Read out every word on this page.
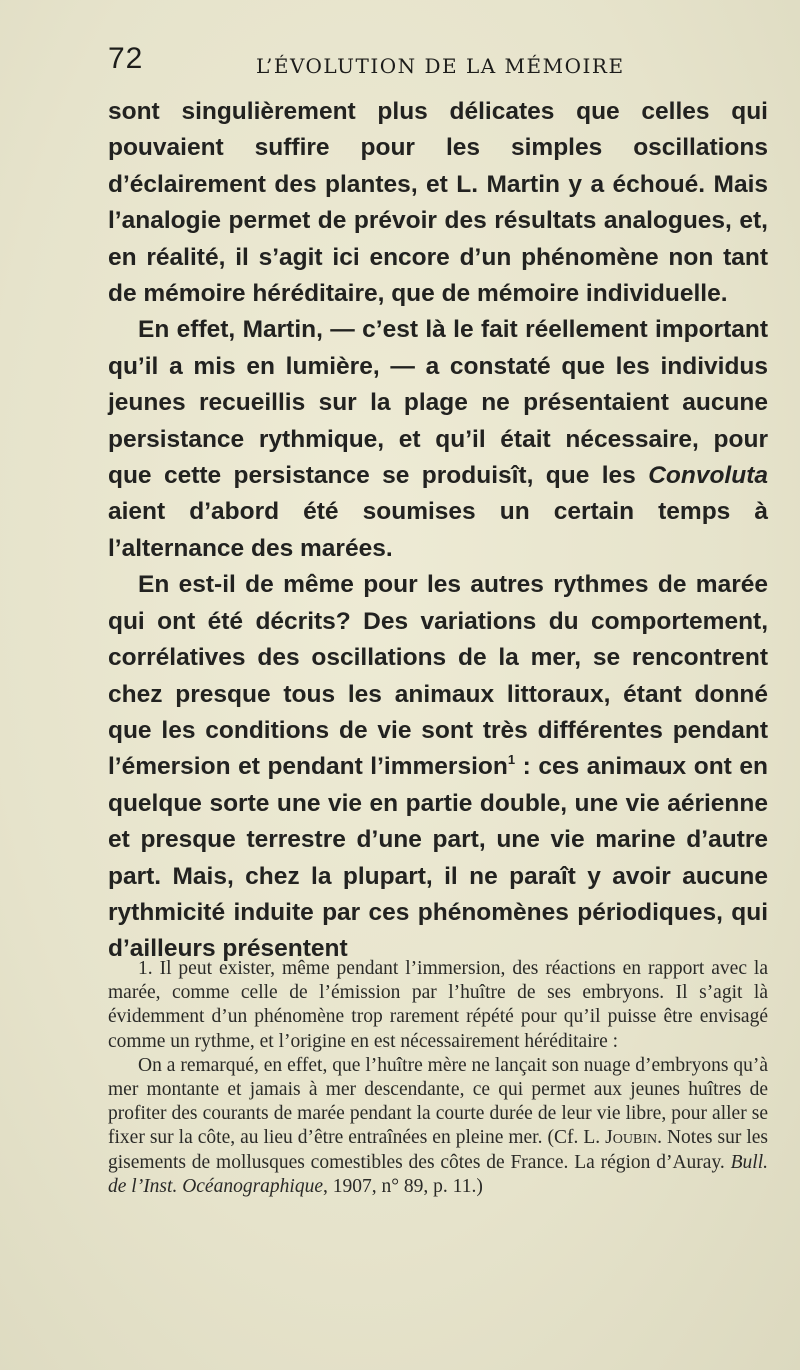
72	L’ÉVOLUTION DE LA MÉMOIRE

sont singulièrement plus délicates que celles qui pouvaient suffire pour les simples oscillations d’éclairement des plantes, et L. Martin y a échoué. Mais l’analogie permet de prévoir des résultats analogues, et, en réalité, il s’agit ici encore d’un phénomène non tant de mémoire héréditaire, que de mémoire individuelle.

En effet, Martin, — c’est là le fait réellement important qu’il a mis en lumière, — a constaté que les individus jeunes recueillis sur la plage ne présentaient aucune persistance rythmique, et qu’il était nécessaire, pour que cette persistance se produisît, que les Convoluta aient d’abord été soumises un certain temps à l’alternance des marées.

En est-il de même pour les autres rythmes de marée qui ont été décrits? Des variations du comportement, corrélatives des oscillations de la mer, se rencontrent chez presque tous les animaux littoraux, étant donné que les conditions de vie sont très différentes pendant l’émersion et pendant l’immersion$^1$ : ces animaux ont en quelque sorte une vie en partie double, une vie aérienne et presque terrestre d’une part, une vie marine d’autre part. Mais, chez la plupart, il ne paraît y avoir aucune rythmicité induite par ces phénomènes périodiques, qui d’ailleurs présentent

1. Il peut exister, même pendant l’immersion, des réactions en rapport avec la marée, comme celle de l’émission par l’huître de ses embryons. Il s’agit là évidemment d’un phénomène trop rarement répété pour qu’il puisse être envisagé comme un rythme, et l’origine en est nécessairement héréditaire :

On a remarqué, en effet, que l’huître mère ne lançait son nuage d’embryons qu’à mer montante et jamais à mer descendante, ce qui permet aux jeunes huîtres de profiter des courants de marée pendant la courte durée de leur vie libre, pour aller se fixer sur la côte, au lieu d’être entraînées en pleine mer. (Cf. L. Joubin. Notes sur les gisements de mollusques comestibles des côtes de France. La région d’Auray. Bull. de l’Inst. Océanographique, 1907, n° 89, p. 11.)
